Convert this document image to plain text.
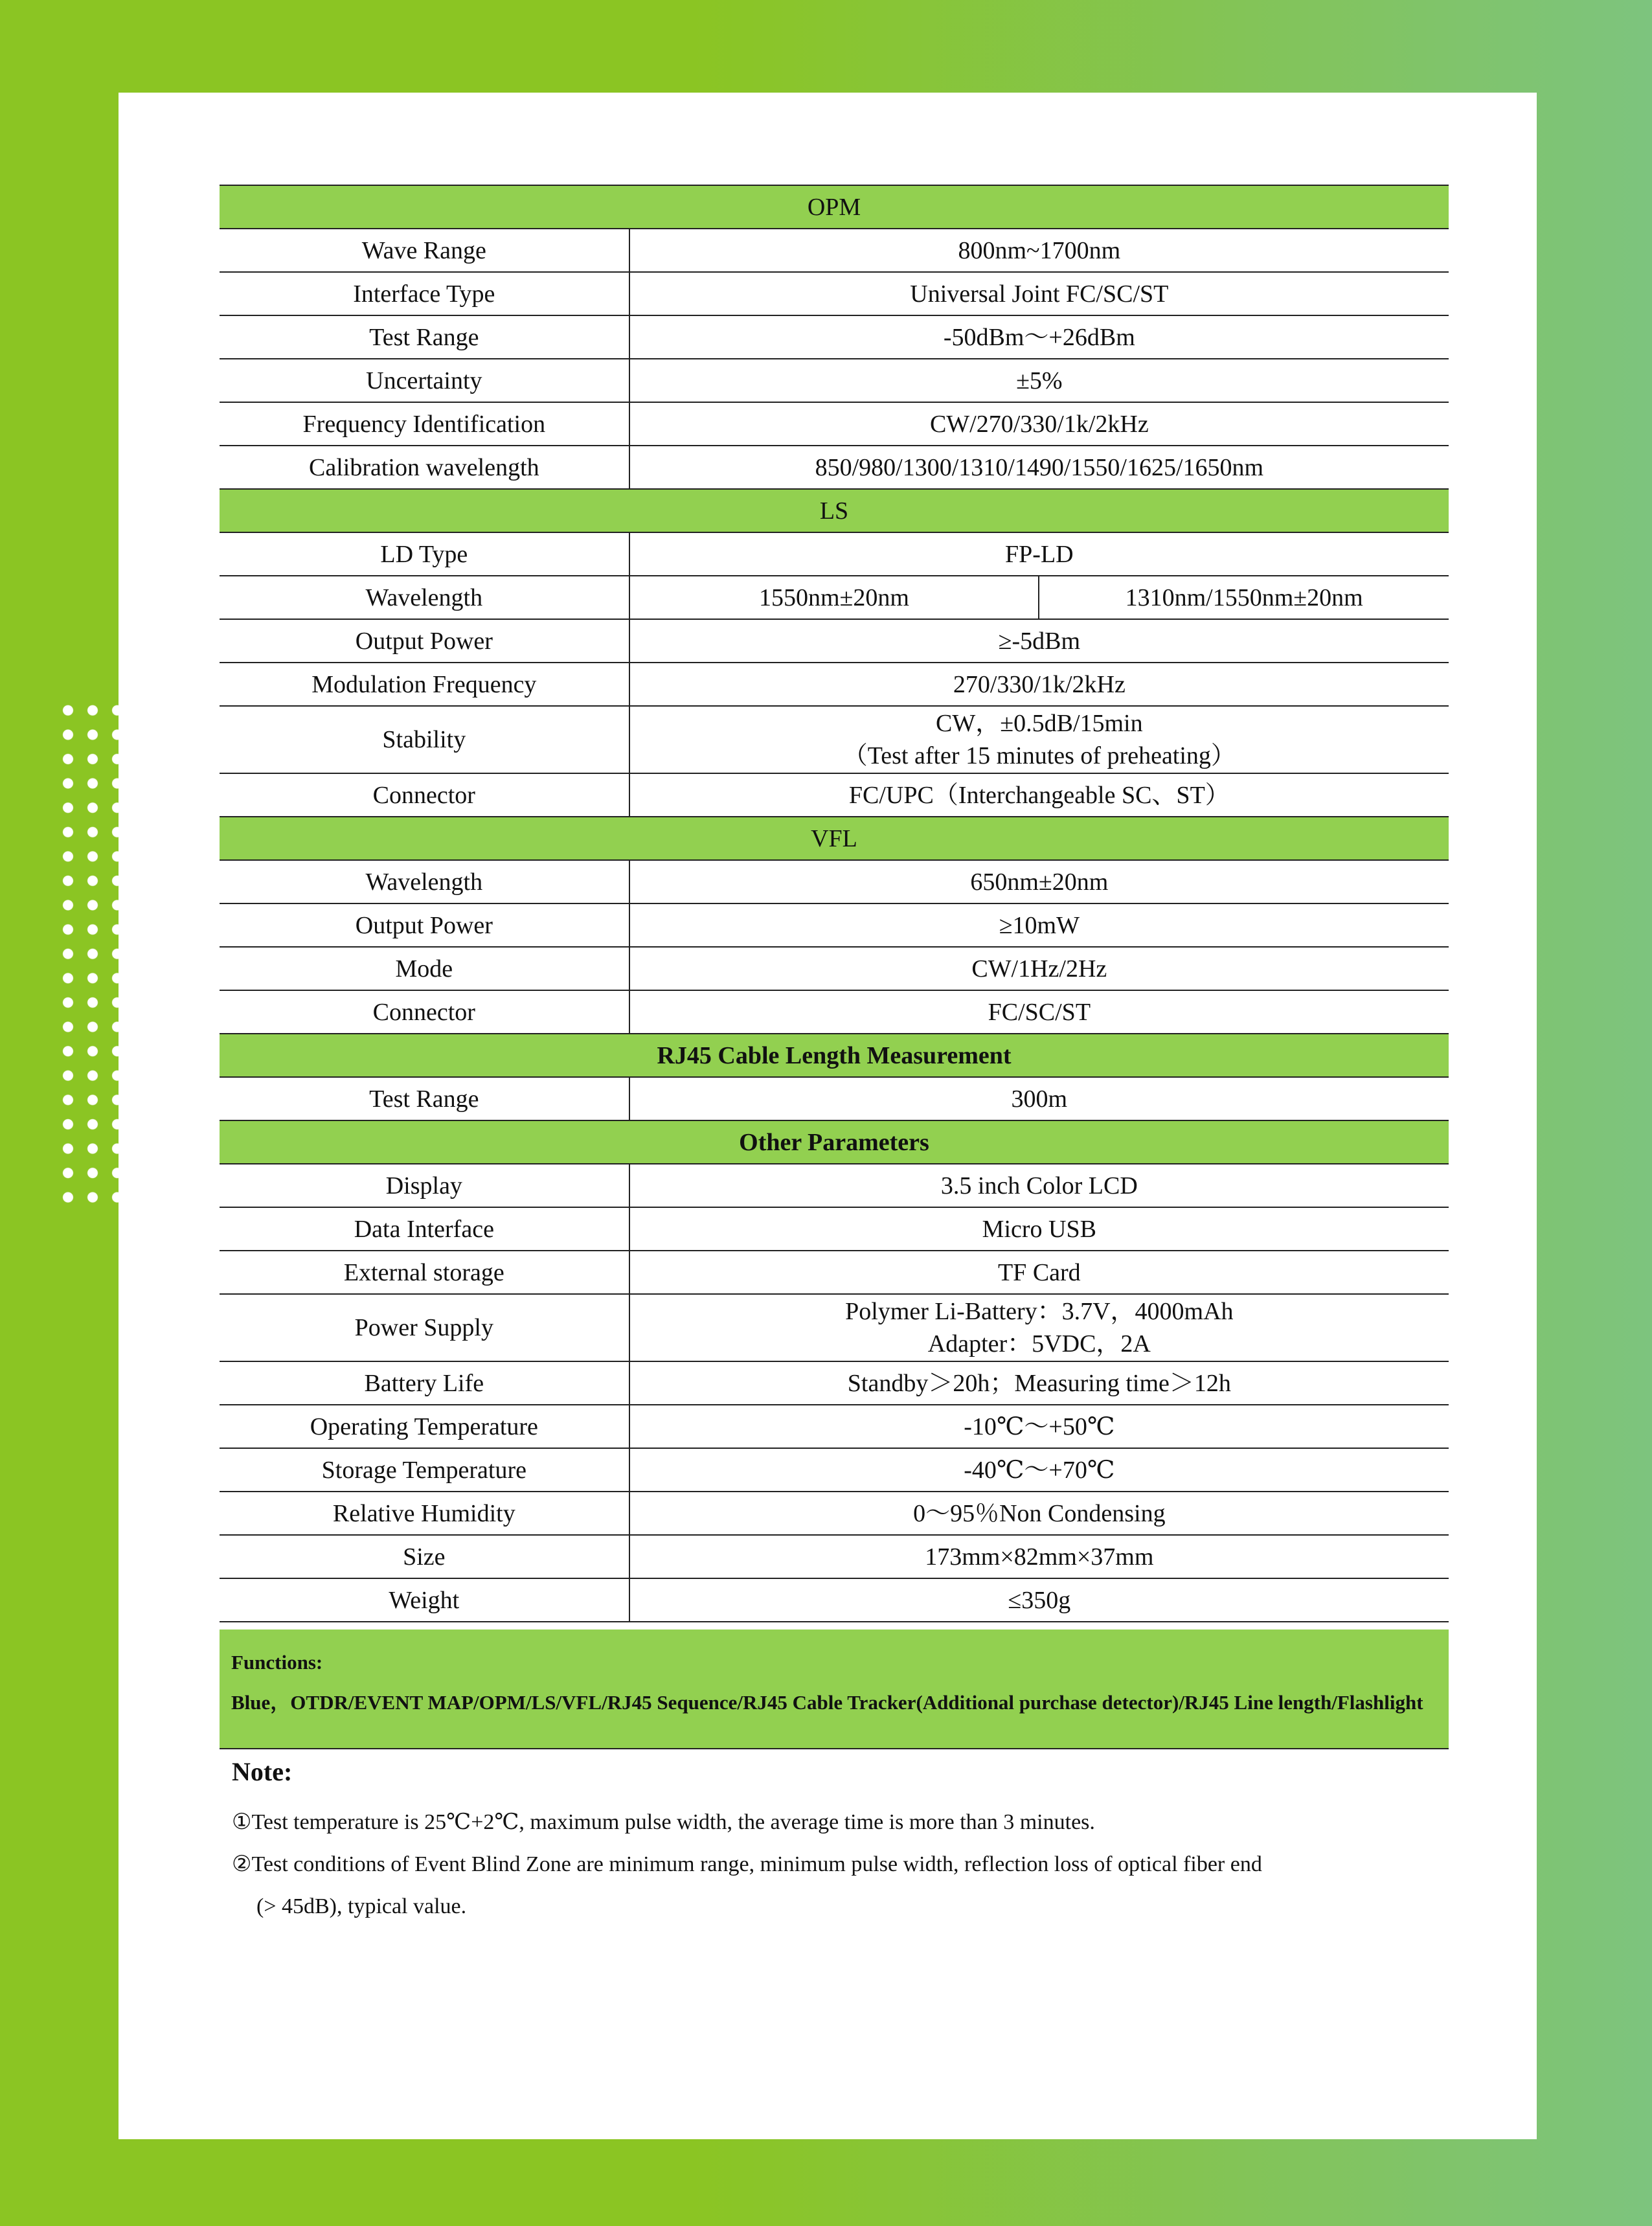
OPM		
Wave Range	800nm~1700nm	
Interface Type	Universal Joint FC/SC/ST	
Test Range	-50dBm～+26dBm	
Uncertainty	±5%	
Frequency Identification	CW/270/330/1k/2kHz	
Calibration wavelength	850/980/1300/1310/1490/1550/1625/1650nm	
LS		
LD Type	FP-LD	
Wavelength	1550nm±20nm	1310nm/1550nm±20nm
Output Power	≥-5dBm	
Modulation Frequency	270/330/1k/2kHz	
Stability	CW，±0.5dB/15min
（Test after 15 minutes of preheating）	

Connector	FC/UPC（Interchangeable SC、ST）	
VFL		
Wavelength	650nm±20nm	
Output Power	≥10mW	
Mode	CW/1Hz/2Hz	
Connector	FC/SC/ST	
RJ45 Cable Length Measurement		
Test Range	300m	
Other Parameters		
Display	3.5 inch Color LCD	
Data Interface	Micro USB	
External storage	TF Card	
Power Supply	Polymer Li-Battery：3.7V，4000mAh
Adapter：5VDC，2A	

Battery Life	Standby＞20h；Measuring time＞12h	
Operating Temperature	-10℃～+50℃	
Storage Temperature	-40℃～+70℃	
Relative Humidity	0～95％Non Condensing	
Size	173mm×82mm×37mm	
Weight	≤350g	
Functions:
Blue，OTDR/EVENT MAP/OPM/LS/VFL/RJ45 Sequence/RJ45 Cable Tracker(Additional purchase detector)/RJ45 Line length/Flashlight
Note:
①Test temperature is 25℃+2℃, maximum pulse width, the average time is more than 3 minutes.
②Test conditions of Event Blind Zone are minimum range, minimum pulse width, reflection loss of optical fiber end
(> 45dB), typical value.
